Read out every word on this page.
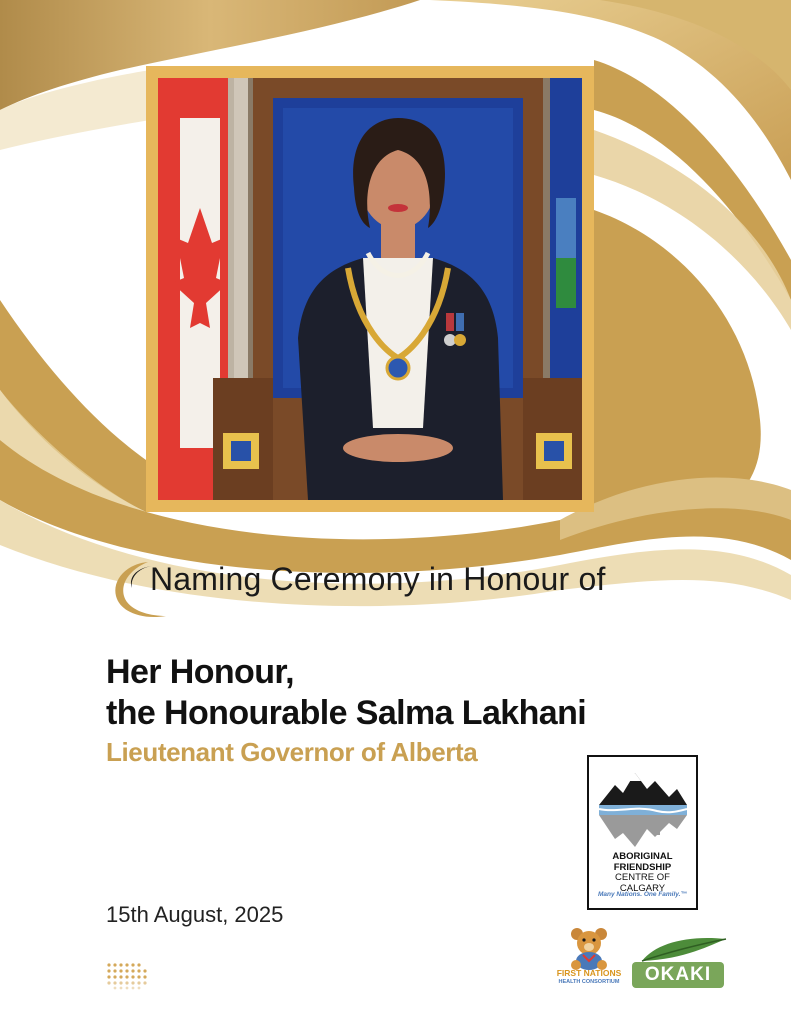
Naming Ceremony in Honour of
Her Honour,
the Honourable Salma Lakhani
Lieutenant Governor of Alberta
15th August, 2025
ABORIGINAL
FRIENDSHIP
CENTRE OF
CALGARY
Many Nations. One Family.™
FIRST NATIONS
HEALTH CONSORTIUM	OKAKI
